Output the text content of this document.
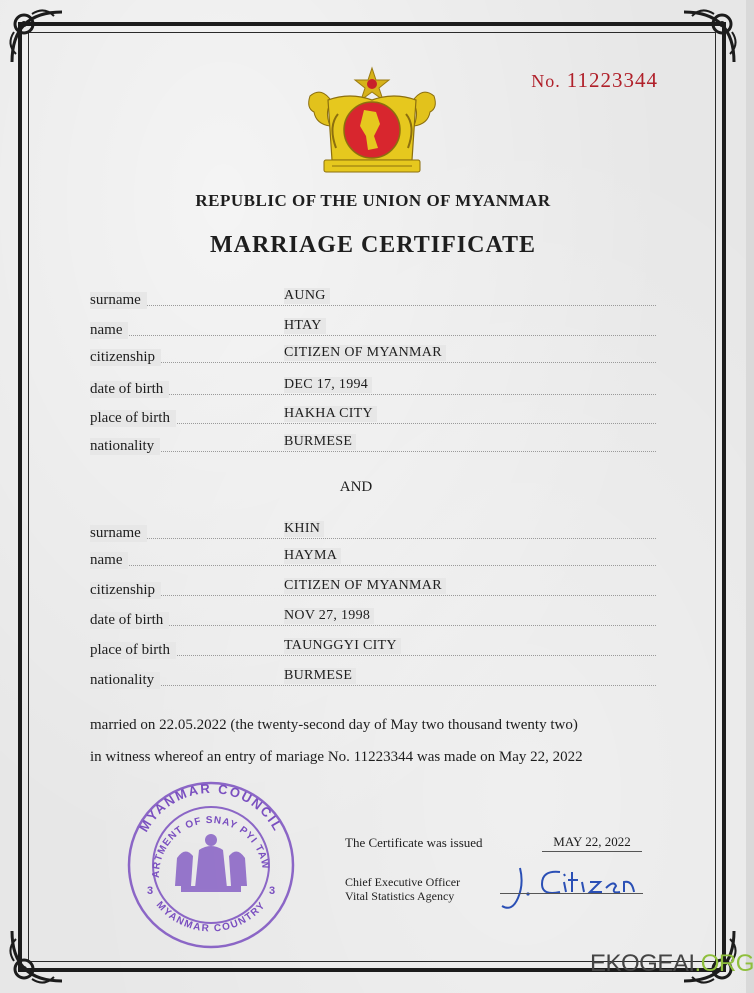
No. 11223344
REPUBLIC OF THE UNION OF MYANMAR
MARRIAGE CERTIFICATE
surname	AUNG
name	HTAY
citizenship	CITIZEN OF MYANMAR
date of birth	DEC 17, 1994
place of birth	HAKHA CITY
nationality	BURMESE
AND
surname	KHIN
name	HAYMA
citizenship	CITIZEN OF MYANMAR
date of birth	NOV 27, 1998
place of birth	TAUNGGYI CITY
nationality	BURMESE
married on 22.05.2022 (the twenty-second day of May two thousand twenty two)
in witness whereof an entry of mariage No. 11223344 was made on May 22, 2022
MYANMAR COUNCIL
ARTMENT OF SNAY PYI TAW
MYANMAR COUNTRY
3	3
The Certificate was issued	MAY 22, 2022
Chief Executive Officer
Vital Statistics Agency
EKOGEAI.ORG
